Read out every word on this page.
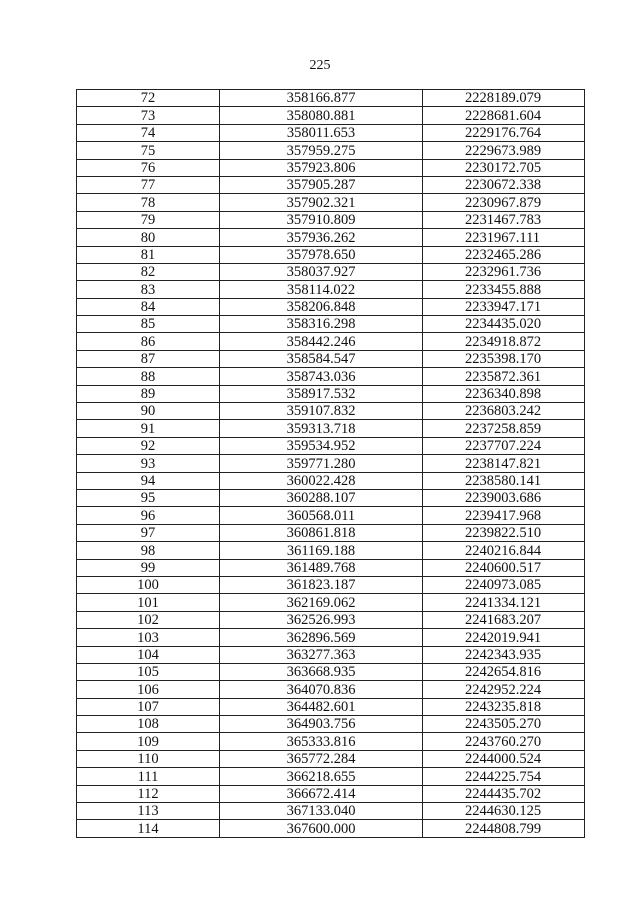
225
72	358166.877	2228189.079
73	358080.881	2228681.604
74	358011.653	2229176.764
75	357959.275	2229673.989
76	357923.806	2230172.705
77	357905.287	2230672.338
78	357902.321	2230967.879
79	357910.809	2231467.783
80	357936.262	2231967.111
81	357978.650	2232465.286
82	358037.927	2232961.736
83	358114.022	2233455.888
84	358206.848	2233947.171
85	358316.298	2234435.020
86	358442.246	2234918.872
87	358584.547	2235398.170
88	358743.036	2235872.361
89	358917.532	2236340.898
90	359107.832	2236803.242
91	359313.718	2237258.859
92	359534.952	2237707.224
93	359771.280	2238147.821
94	360022.428	2238580.141
95	360288.107	2239003.686
96	360568.011	2239417.968
97	360861.818	2239822.510
98	361169.188	2240216.844
99	361489.768	2240600.517
100	361823.187	2240973.085
101	362169.062	2241334.121
102	362526.993	2241683.207
103	362896.569	2242019.941
104	363277.363	2242343.935
105	363668.935	2242654.816
106	364070.836	2242952.224
107	364482.601	2243235.818
108	364903.756	2243505.270
109	365333.816	2243760.270
110	365772.284	2244000.524
111	366218.655	2244225.754
112	366672.414	2244435.702
113	367133.040	2244630.125
114	367600.000	2244808.799
